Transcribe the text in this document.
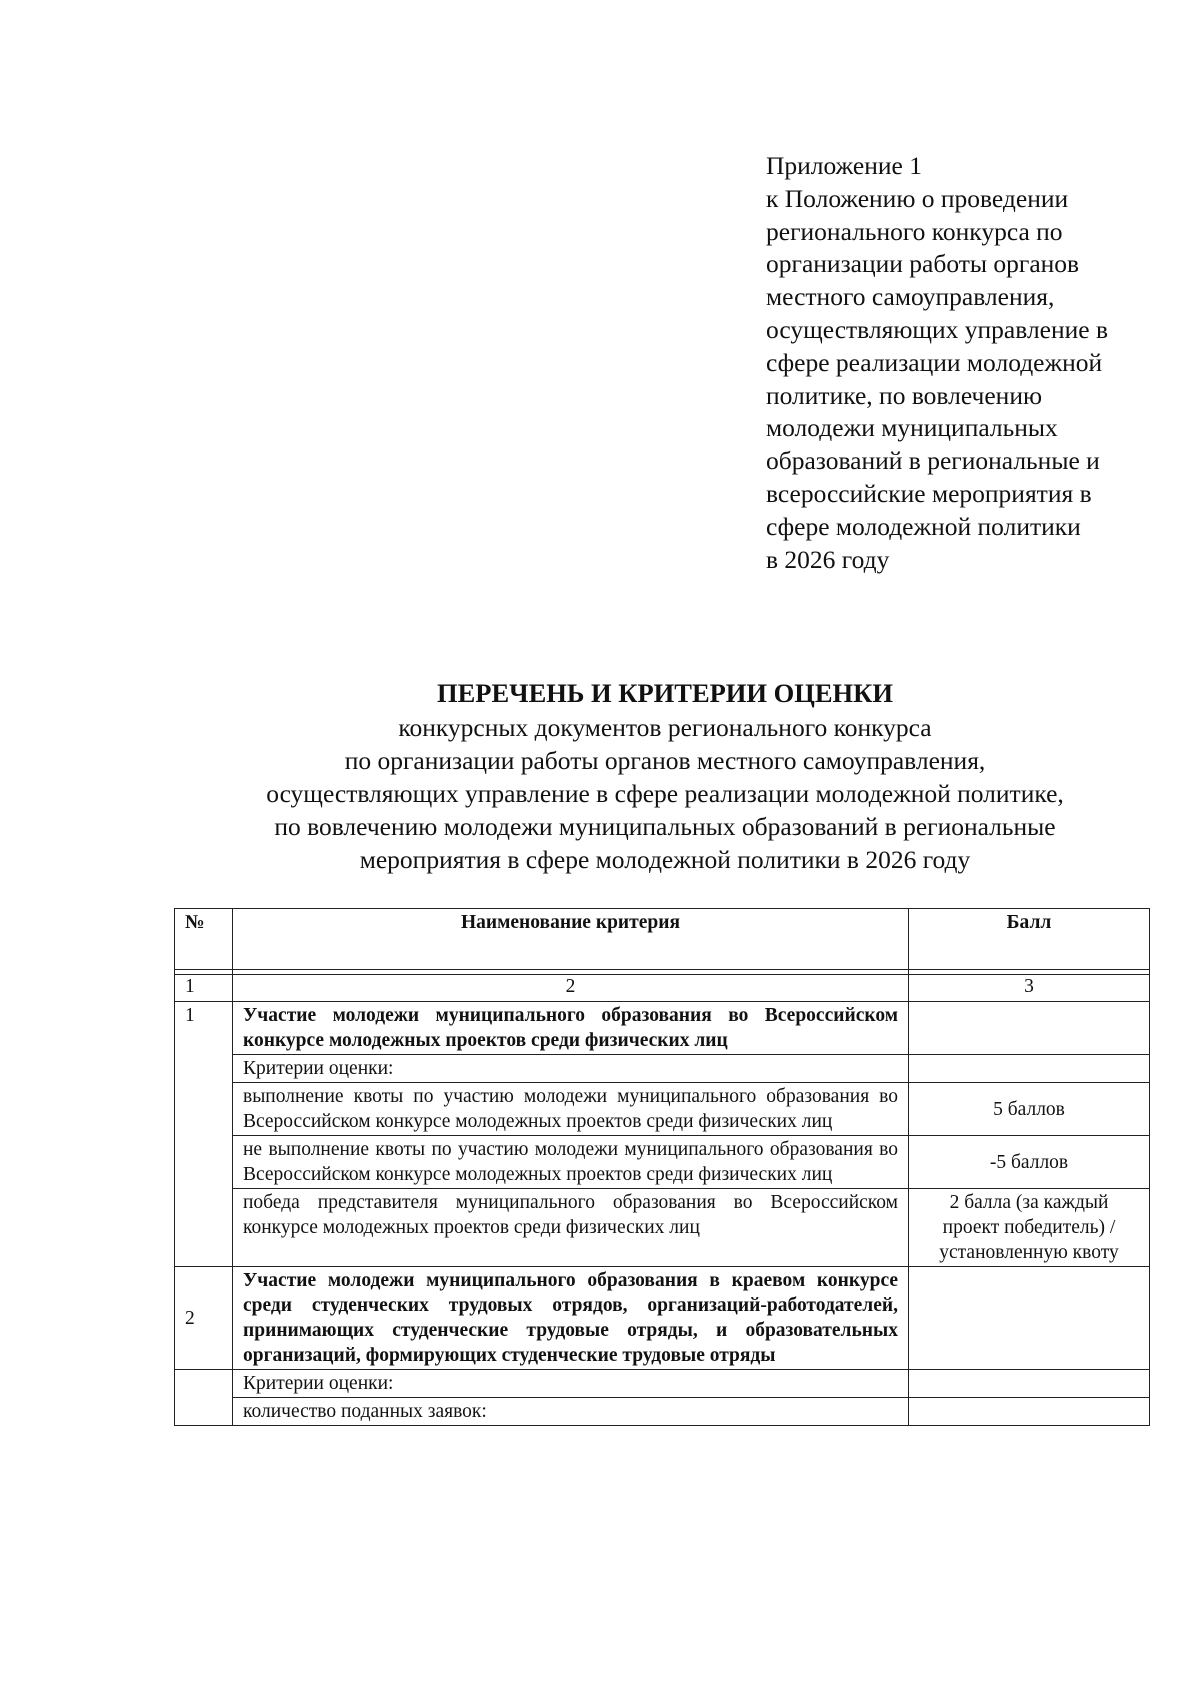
Приложение 1
к Положению о проведении
регионального конкурса по
организации работы органов
местного самоуправления,
осуществляющих управление в
сфере реализации молодежной
политике, по вовлечению
молодежи муниципальных
образований в региональные и
всероссийские мероприятия в
сфере молодежной политики
в 2026 году
ПЕРЕЧЕНЬ И КРИТЕРИИ ОЦЕНКИ
конкурсных документов регионального конкурса
по организации работы органов местного самоуправления,
осуществляющих управление в сфере реализации молодежной политике,
по вовлечению молодежи муниципальных образований в региональные
мероприятия в сфере молодежной политики в 2026 году
№	Наименование критерия	Балл

1	2	3
1	Участие молодежи муниципального образования во Всероссийском конкурсе молодежных проектов среди физических лиц	
	Критерии оценки:	
	выполнение квоты по участию молодежи муниципального образования во Всероссийском конкурсе молодежных проектов среди физических лиц	5 баллов
	не выполнение квоты по участию молодежи муниципального образования во Всероссийском конкурсе молодежных проектов среди физических лиц	-5 баллов
	победа представителя муниципального образования во Всероссийском конкурсе молодежных проектов среди физических лиц	2 балла (за каждый проект победитель) /установленную квоту
2	Участие молодежи муниципального образования в краевом конкурсе среди студенческих трудовых отрядов, организаций-работодателей, принимающих студенческие трудовые отряды, и образовательных организаций, формирующих студенческие трудовые отряды	
	Критерии оценки:	
	количество поданных заявок:	
